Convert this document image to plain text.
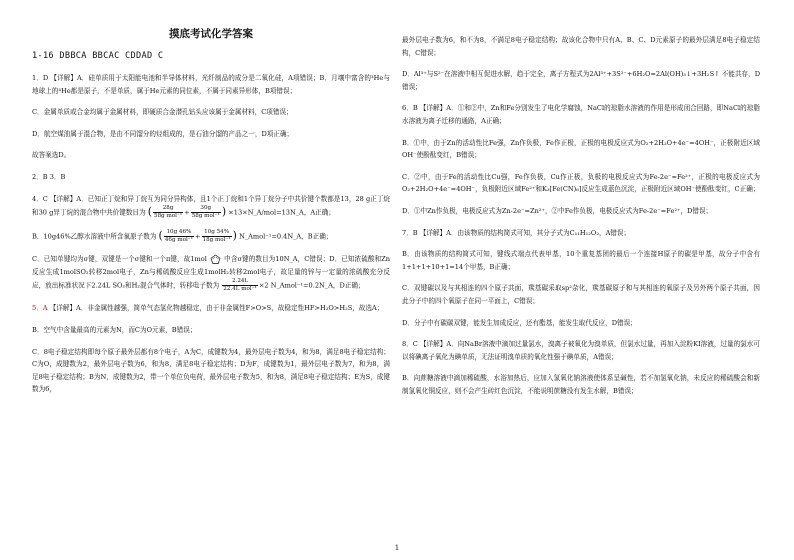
摸底考试化学答案
1-16 DBBCA BBCAC CDDAD C

1．D 【详解】A．硅单质用于太阳能电池和半导体材料，光纤制品的成分是二氧化硅，A项错误；B．月壤中富含的³He与地球上的⁴He都是原子，不是单质，属于He元素的同位素，不属于同素异形体，B项错误；

C．金属单质或合金均属于金属材料，即硬质合金潜孔钻头应该属于金属材料，C项错误；

D．航空煤油属于混合物，是由不同馏分的烃组成的，是石油分馏的产品之一，D项正确；

故答案选D。

2．B 3．B

4．C 【详解】A．已知正丁烷和异丁烷互为同分异构体，且1个正丁烷和1个异丁烷分子中共价键个数都是13，28 g正丁烷和30 g异丁烷的混合物中共价键数目为 ( $\frac{28g}{\text{58g mol⁻¹}} + \frac{30g}{\text{58g mol⁻¹}}$ ) ×13×N_A/mol=13N_A，A正确；

B．10g46%乙醇水溶液中所含氧原子数为 ( $\frac{10g 46\%}{\text{46g mol⁻¹}} + \frac{10g 54\%}{\text{18g mol⁻¹}}$ ) N_Amol⁻¹=0.4N_A，B正确；

C．已知单键均为σ键，双键是一个σ键和一个π键，故1mol	中含σ键的数目为10N_A，C错误；D．已知浓硫酸和Zn反应生成1molSO₂转移2mol电子，Zn与稀硫酸反应生成1molH₂转移2mol电子，故足量的锌与一定量的浓硫酸充分反应，放出标准状况下2.24L SO₂和H₂混合气体时，转移电子数为 $\frac{2.24L}{\text{22.4L mol⁻¹}} \times 2$ N_Amol⁻¹=0.2N_A，D正确；

5．A 【详解】A．非金属性越强，简单气态氢化物越稳定，由于非金属性F>O>S，故稳定性HF>H₂O>H₂S，故选A；

B．空气中含量最高的元素为N，而C为O元素，B错误；

C．8电子稳定结构即每个原子最外层都有8个电子，A为C，成键数为4，最外层电子数为4，和为8，满足8电子稳定结构；C为O，成键数为2，最外层电子数为6，和为8，满足8电子稳定结构；D为F，成键数为1，最外层电子数为7，和为8，满足8电子稳定结构；B为N，成键数为2，带一个单位负电荷，最外层电子数为5，和为8，满足8电子稳定结构；E为S，成键数为6，

最外层电子数为6，和不为8，不满足8电子稳定结构；故该化合物中只有A、B、C、D元素原子的最外层满足8电子稳定结构，C错误；

D．Al³⁺与S²⁻在溶液中相互促进水解，趋于完全，离子方程式为2Al³⁺+3S²⁻+6H₂O=2Al(OH)₃↓+3H₂S↑ 不能共存，D错误；

6．B 【详解】A．①和②中，Zn和Fe分别发生了电化学腐蚀，NaCl的琼脂水溶液的作用是形成闭合回路，即NaCl的琼脂水溶液为离子迁移的通路，A正确；

B．①中，由于Zn的活动性比Fe强，Zn作负极，Fe作正极，正极的电极反应式为O₂+2H₂O+4e⁻=4OH⁻，正极附近区域OH⁻使酚酞变红，B错误；

C．②中，由于Fe的活动性比Cu强，Fe作负极，Cu作正极，负极的电极反应式为Fe-2e⁻=Fe²⁺，正极的电极反应式为O₂+2H₂O+4e⁻=4OH⁻，负极附近区域Fe²⁺和K₃[Fe(CN)₆]反应生成蓝色沉淀，正极附近区域OH⁻使酚酞变红，C正确；

D．①中Zn作负极，电极反应式为Zn-2e⁻=Zn²⁺，②中Fe作负极，电极反应式为Fe-2e⁻=Fe²⁺，D错误；

7．B 【详解】A．由该物质的结构简式可知，其分子式为C₁₁H₁₂O₂，A错误；

B．由该物质的结构简式可知，键线式端点代表甲基，10个重复基团的最后一个连接H原子的碳是甲基，故分子中含有1+1+1+10+1=14个甲基，B正确；

C．双键碳以及与其相连的四个原子共面，羰基碳采取sp²杂化，羰基碳原子和与其相连的氧原子及另外两个原子共面，因此分子中的四个氧原子在同一平面上，C错误；

D．分子中有碳碳双键，能发生加成反应，还有酯基，能发生取代反应，D错误；

8．C 【详解】A．向NaBr溶液中滴加过量氯水，溴离子被氧化为溴单质，但氯水过量，再加入淀粉KI溶液，过量的氯水可以将碘离子氧化为碘单质，无法证明溴单质的氧化性强于碘单质，A错误；

B．向蔗糖溶液中滴加稀硫酸，水浴加热后，应加入氢氧化钠溶液使体系呈碱性，若不加氢氧化钠，未反应的稀硫酸会和新制氢氧化铜反应，则不会产生砖红色沉淀，不能说明蔗糖没有发生水解，B错误；

1
